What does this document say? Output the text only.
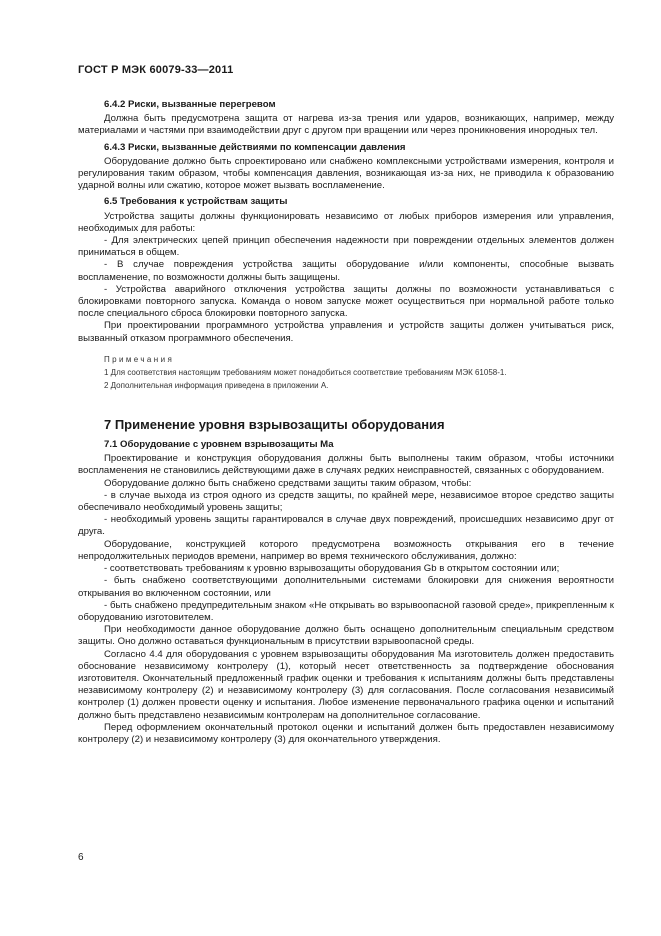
ГОСТ Р МЭК 60079-33—2011
6.4.2 Риски, вызванные перегревом

Должна быть предусмотрена защита от нагрева из-за трения или ударов, возникающих, например, между материалами и частями при взаимодействии друг с другом при вращении или через проникновения инородных тел.

6.4.3 Риски, вызванные действиями по компенсации давления

Оборудование должно быть спроектировано или снабжено комплексными устройствами измерения, контроля и регулирования таким образом, чтобы компенсация давления, возникающая из-за них, не приводила к образованию ударной волны или сжатию, которое может вызвать воспламенение.

6.5 Требования к устройствам защиты

Устройства защиты должны функционировать независимо от любых приборов измерения или управления, необходимых для работы:

- Для электрических цепей принцип обеспечения надежности при повреждении отдельных элементов должен приниматься в общем.

- В случае повреждения устройства защиты оборудование и/или компоненты, способные вызвать воспламенение, по возможности должны быть защищены.

- Устройства аварийного отключения устройства защиты должны по возможности устанавливаться с блокировками повторного запуска. Команда о новом запуске может осуществиться при нормальной работе только после специального сброса блокировки повторного запуска.

При проектировании программного устройства управления и устройств защиты должен учитываться риск, вызванный отказом программного обеспечения.

Примечания
1 Для соответствия настоящим требованиям может понадобиться соответствие требованиям МЭК 61058-1.
2 Дополнительная информация приведена в приложении А.
7 Применение уровня взрывозащиты оборудования
7.1 Оборудование с уровнем взрывозащиты Ма

Проектирование и конструкция оборудования должны быть выполнены таким образом, чтобы источники воспламенения не становились действующими даже в случаях редких неисправностей, связанных с оборудованием.

Оборудование должно быть снабжено средствами защиты таким образом, чтобы:

- в случае выхода из строя одного из средств защиты, по крайней мере, независимое второе средство защиты обеспечивало необходимый уровень защиты;

- необходимый уровень защиты гарантировался в случае двух повреждений, происшедших независимо друг от друга.

Оборудование, конструкцией которого предусмотрена возможность открывания его в течение непродолжительных периодов времени, например во время технического обслуживания, должно:

- соответствовать требованиям к уровню взрывозащиты оборудования Gb в открытом состоянии или;

- быть снабжено соответствующими дополнительными системами блокировки для снижения вероятности открывания во включенном состоянии, или

- быть снабжено предупредительным знаком «Не открывать во взрывоопасной газовой среде», прикрепленным к оборудованию изготовителем.

При необходимости данное оборудование должно быть оснащено дополнительным специальным средством защиты. Оно должно оставаться функциональным в присутствии взрывоопасной среды.

Согласно 4.4 для оборудования с уровнем взрывозащиты оборудования Ма изготовитель должен предоставить обоснование независимому контролеру (1), который несет ответственность за подтверждение обоснования изготовителя. Окончательный предложенный график оценки и требования к испытаниям должны быть представлены независимому контролеру (2) и независимому контролеру (3) для согласования. После согласования независимый контролер (1) должен провести оценку и испытания. Любое изменение первоначального графика оценки и испытаний должно быть представлено независимым контролерам на дополнительное согласование.

Перед оформлением окончательный протокол оценки и испытаний должен быть предоставлен независимому контролеру (2) и независимому контролеру (3) для окончательного утверждения.

6
